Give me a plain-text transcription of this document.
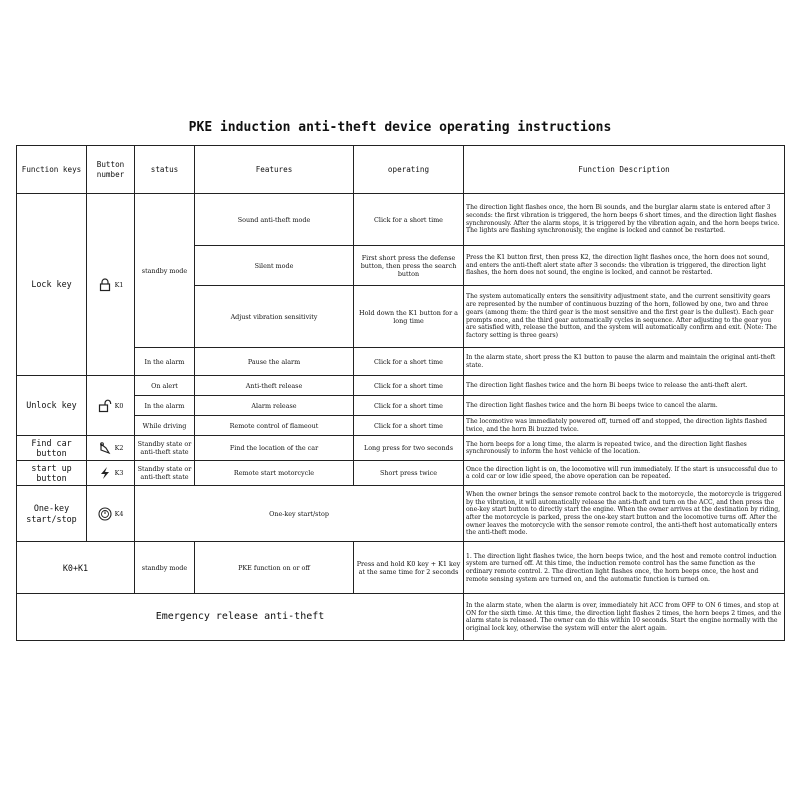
PKE induction anti-theft device operating instructions
Function keys	Button number	status	Features	operating	Function Description
Lock key	K1	standby mode	Sound anti-theft mode	Click for a short time	The direction light flashes once, the horn Bi sounds, and the burglar alarm state is entered after 3 seconds: the first vibration is triggered, the horn beeps 6 short times, and the direction light flashes synchronously. After the alarm stops, it is triggered by the vibration again, and the horn beeps twice. The lights are flashing synchronously, the engine is locked and cannot be restarted.
			Silent mode	First short press the defense button, then press the search button	Press the K1 button first, then press K2, the direction light flashes once, the horn does not sound, and enters the anti-theft alert state after 3 seconds: the vibration is triggered, the direction light flashes, the horn does not sound, the engine is locked, and cannot be restarted.
			Adjust vibration sensitivity	Hold down the K1 button for a long time	The system automatically enters the sensitivity adjustment state, and the current sensitivity gears are represented by the number of continuous buzzing of the horn, followed by one, two and three gears (among them: the third gear is the most sensitive and the first gear is the dullest). Each gear prompts once, and the third gear automatically cycles in sequence. After adjusting to the gear you are satisfied with, release the button, and the system will automatically confirm and exit. (Note: The factory setting is three gears)
		In the alarm	Pause the alarm	Click for a short time	In the alarm state, short press the K1 button to pause the alarm and maintain the original anti-theft state.
Unlock key	K0	On alert	Anti-theft release	Click for a short time	The direction light flashes twice and the horn Bi beeps twice to release the anti-theft alert.
		In the alarm	Alarm release	Click for a short time	The direction light flashes twice and the horn Bi beeps twice to cancel the alarm.
		While driving	Remote control of flameout	Click for a short time	The locomotive was immediately powered off, turned off and stopped, the direction lights flashed twice, and the horn Bi buzzed twice.
Find car button	K2	Standby state or anti-theft state	Find the location of the car	Long press for two seconds	The horn beeps for a long time, the alarm is repeated twice, and the direction light flashes synchronously to inform the host vehicle of the location.
start up button	K3	Standby state or anti-theft state	Remote start motorcycle	Short press twice	Once the direction light is on, the locomotive will run immediately. If the start is unsuccessful due to a cold car or low idle speed, the above operation can be repeated.
One-key start/stop	K4	One-key start/stop			When the owner brings the sensor remote control back to the motorcycle, the motorcycle is triggered by the vibration, it will automatically release the anti-theft and turn on the ACC, and then press the one-key start button to directly start the engine. When the owner arrives at the destination by riding, after the motorcycle is parked, press the one-key start button and the locomotive turns off. After the owner leaves the motorcycle with the sensor remote control, the anti-theft host automatically enters the anti-theft mode.
K0+K1		standby mode	PKE function on or off	Press and hold K0 key + K1 key at the same time for 2 seconds	1. The direction light flashes twice, the horn beeps twice, and the host and remote control induction system are turned off. At this time, the induction remote control has the same function as the ordinary remote control. 2. The direction light flashes once, the horn beeps once, the host and remote sensing system are turned on, and the automatic function is turned on.
Emergency release anti-theft					In the alarm state, when the alarm is over, immediately hit ACC from OFF to ON 6 times, and stop at ON for the sixth time. At this time, the direction light flashes 2 times, the horn beeps 2 times, and the alarm state is released. The owner can do this within 10 seconds. Start the engine normally with the original lock key, otherwise the system will enter the alert again.
